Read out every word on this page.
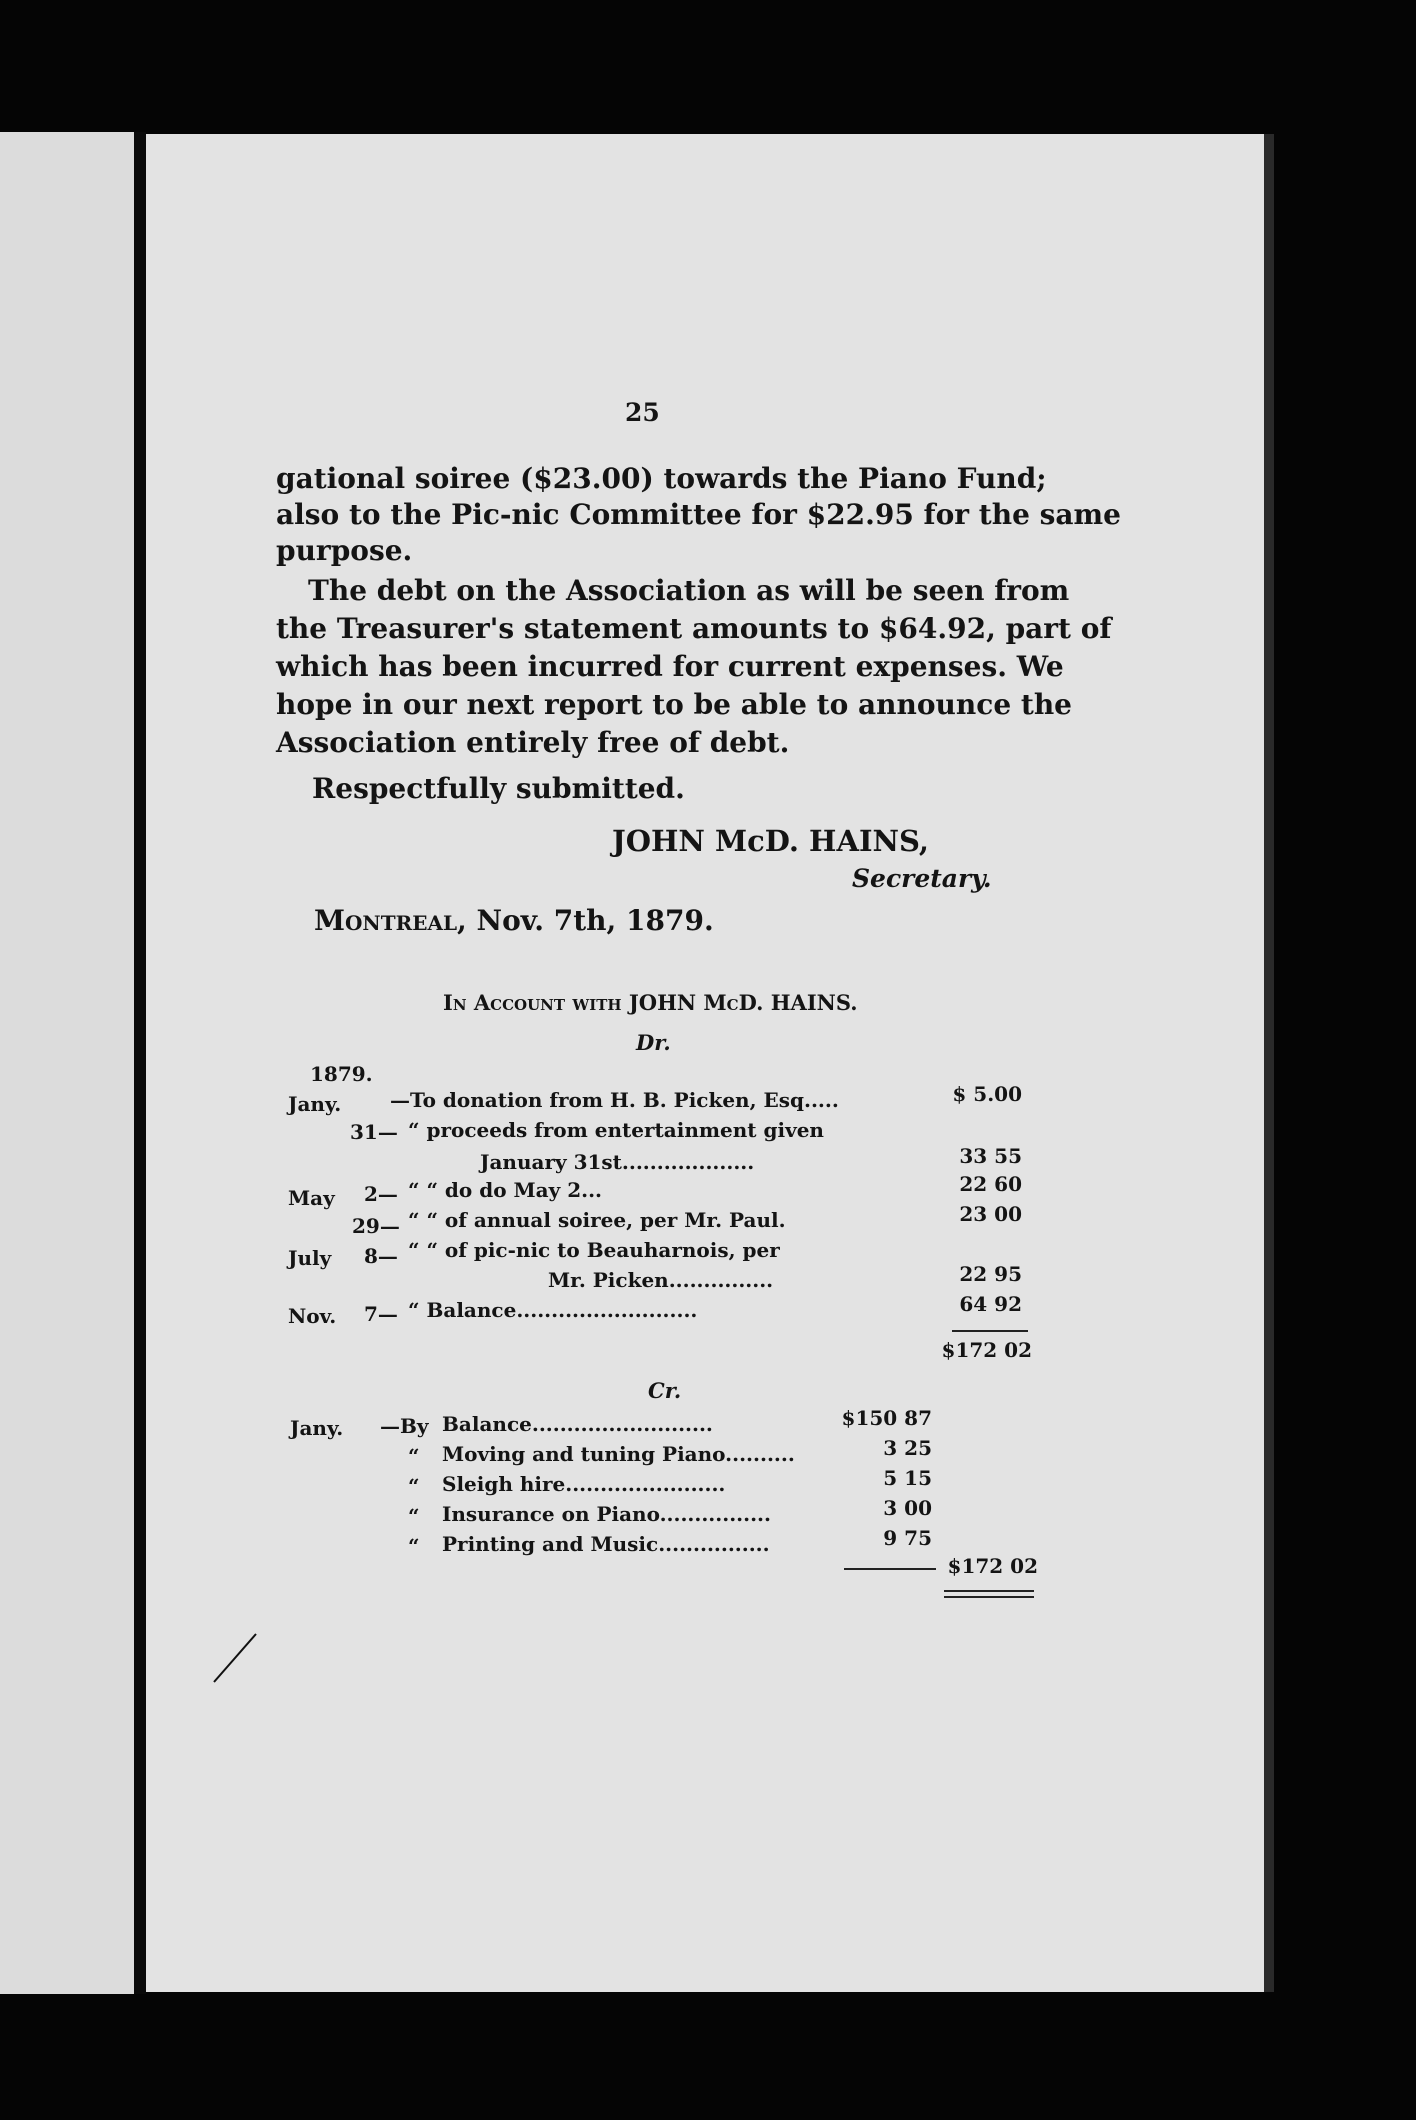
25
gational soiree ($23.00) towards the Piano Fund;
also to the Pic-nic Committee for $22.95 for the same
purpose.
The debt on the Association as will be seen from
the Treasurer's statement amounts to $64.92, part of
which has been incurred for current expenses. We
hope in our next report to be able to announce the
Association entirely free of debt.
Respectfully submitted.
JOHN McD. HAINS,
Secretary.
Montreal, Nov. 7th, 1879.
In Account with JOHN McD. HAINS.
Dr.
1879.
Jany. —To donation from H. B. Picken, Esq.....	$ 5.00
31— “ proceeds from entertainment given
January 31st...................	33 55
May 2— “ “ do do May 2...	22 60
29— “ “ of annual soiree, per Mr. Paul.	23 00
July 8— “ “ of pic-nic to Beauharnois, per
Mr. Picken...............	22 95
Nov. 7— “ Balance..........................	64 92
$172 02
Cr.
Jany. —By Balance..........................	$150 87
“ Moving and tuning Piano..........	3 25
“ Sleigh hire.......................	5 15
“ Insurance on Piano................	3 00
“ Printing and Music................	9 75
$172 02
